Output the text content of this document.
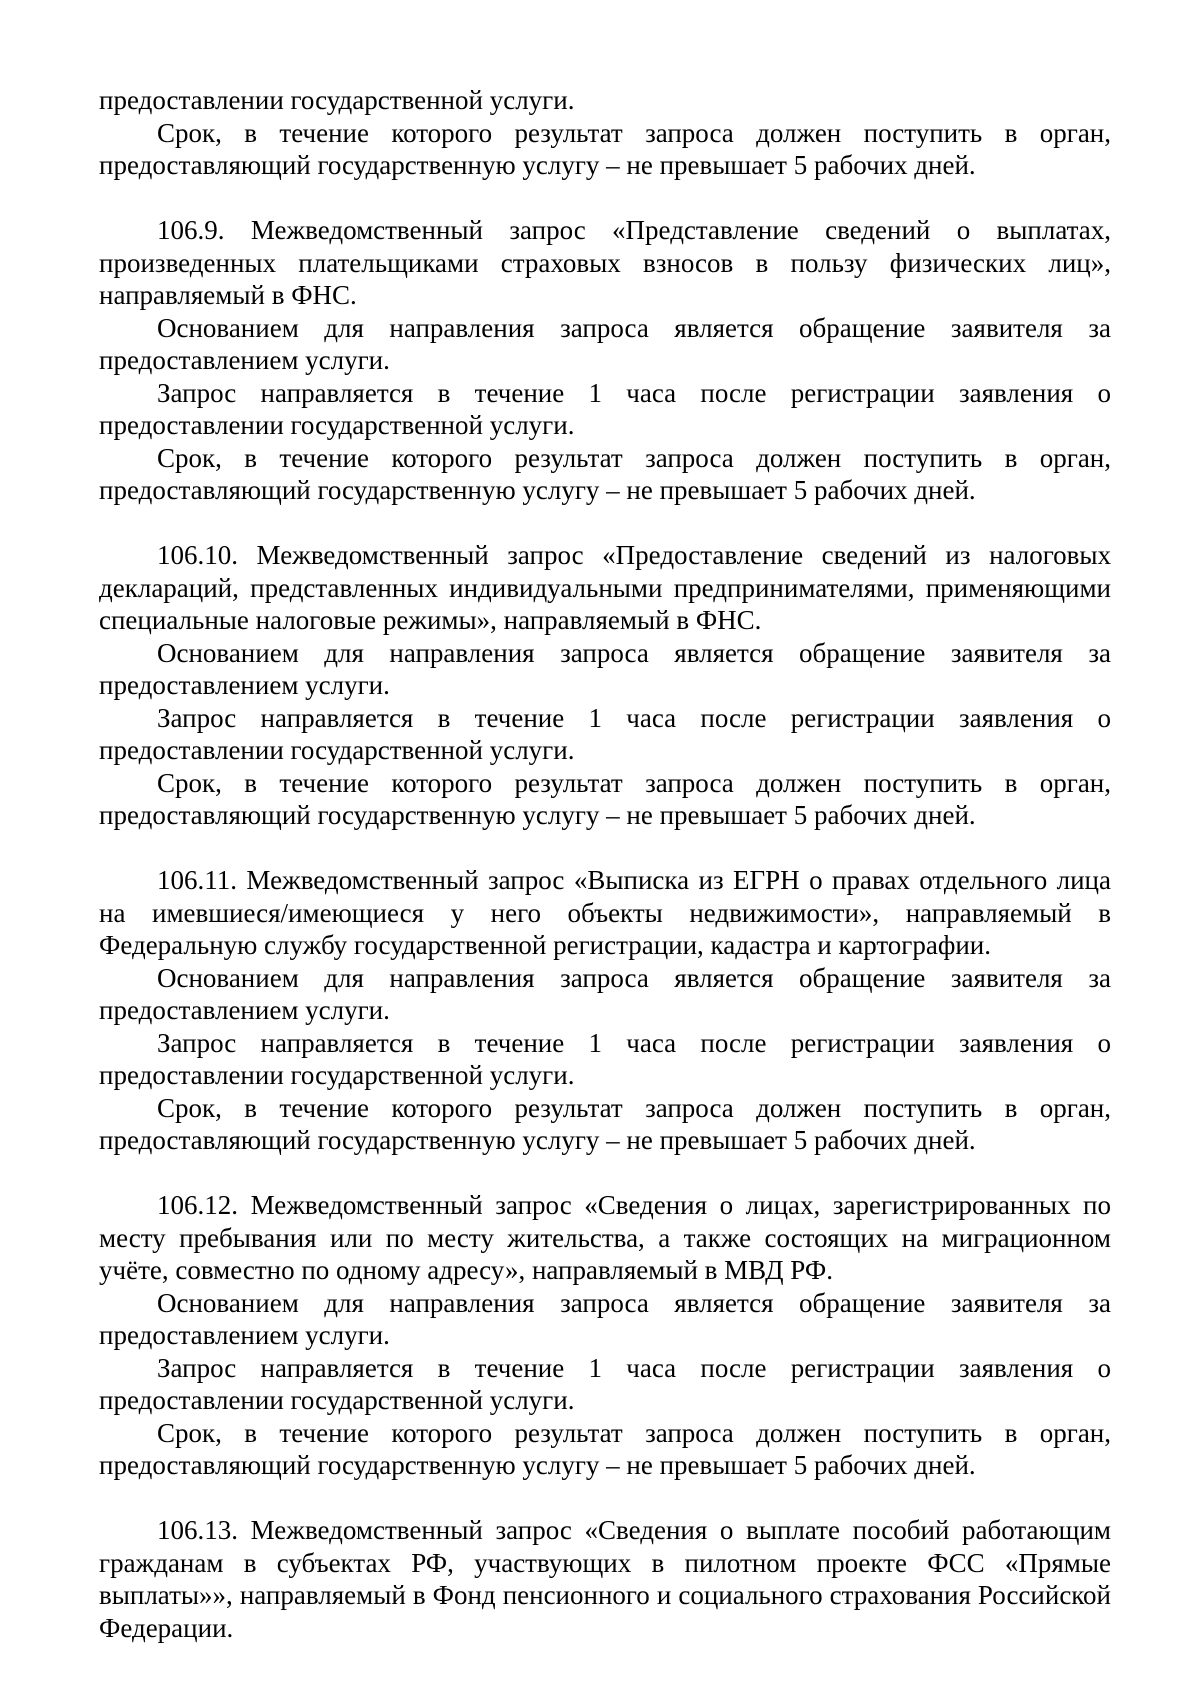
предоставлении государственной услуги.

Срок, в течение которого результат запроса должен поступить в орган, предоставляющий государственную услугу – не превышает 5 рабочих дней.

106.9. Межведомственный запрос «Представление сведений о выплатах, произведенных плательщиками страховых взносов в пользу физических лиц», направляемый в ФНС.

Основанием для направления запроса является обращение заявителя за предоставлением услуги.

Запрос направляется в течение 1 часа после регистрации заявления о предоставлении государственной услуги.

Срок, в течение которого результат запроса должен поступить в орган, предоставляющий государственную услугу – не превышает 5 рабочих дней.

106.10. Межведомственный запрос «Предоставление сведений из налоговых деклараций, представленных индивидуальными предпринимателями, применяющими специальные налоговые режимы», направляемый в ФНС.

Основанием для направления запроса является обращение заявителя за предоставлением услуги.

Запрос направляется в течение 1 часа после регистрации заявления о предоставлении государственной услуги.

Срок, в течение которого результат запроса должен поступить в орган, предоставляющий государственную услугу – не превышает 5 рабочих дней.

106.11. Межведомственный запрос «Выписка из ЕГРН о правах отдельного лица на имевшиеся/имеющиеся у него объекты недвижимости», направляемый в Федеральную службу государственной регистрации, кадастра и картографии.

Основанием для направления запроса является обращение заявителя за предоставлением услуги.

Запрос направляется в течение 1 часа после регистрации заявления о предоставлении государственной услуги.

Срок, в течение которого результат запроса должен поступить в орган, предоставляющий государственную услугу – не превышает 5 рабочих дней.

106.12. Межведомственный запрос «Сведения о лицах, зарегистрированных по месту пребывания или по месту жительства, а также состоящих на миграционном учёте, совместно по одному адресу», направляемый в МВД РФ.

Основанием для направления запроса является обращение заявителя за предоставлением услуги.

Запрос направляется в течение 1 часа после регистрации заявления о предоставлении государственной услуги.

Срок, в течение которого результат запроса должен поступить в орган, предоставляющий государственную услугу – не превышает 5 рабочих дней.

106.13. Межведомственный запрос «Сведения о выплате пособий работающим гражданам в субъектах РФ, участвующих в пилотном проекте ФСС «Прямые выплаты»», направляемый в Фонд пенсионного и социального страхования Российской Федерации.
